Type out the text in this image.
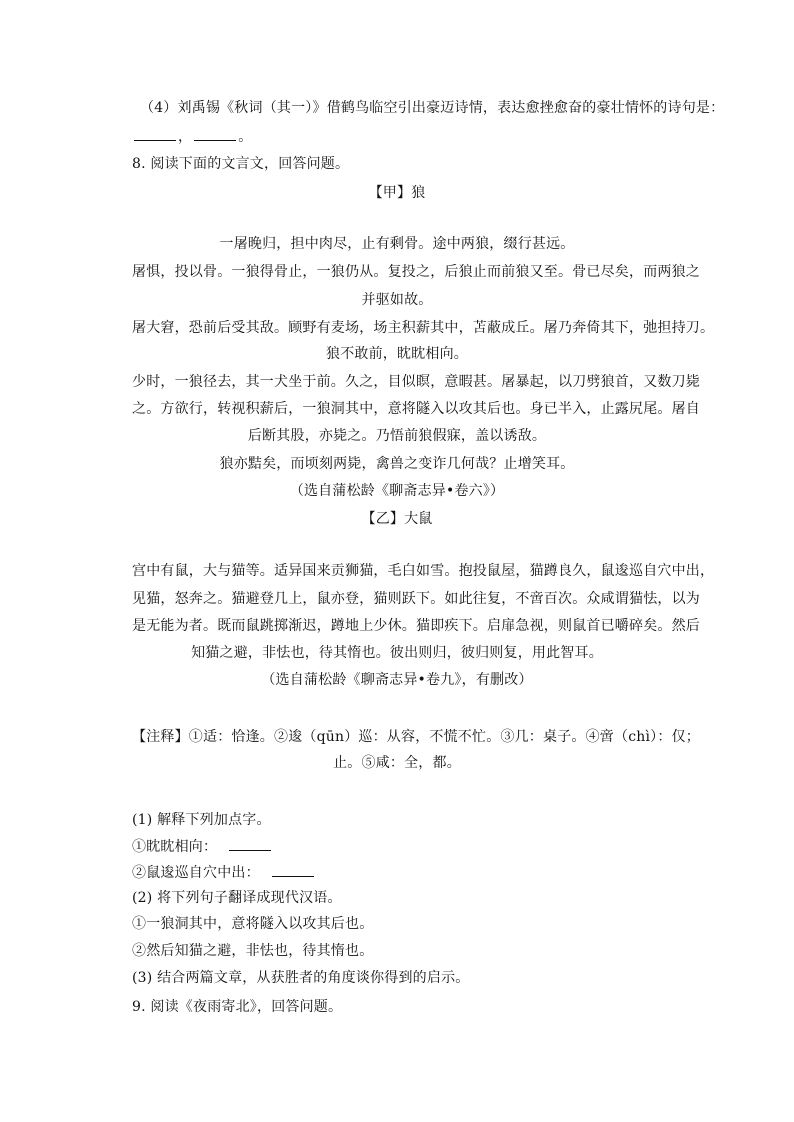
（4）刘禹锡《秋词（其一）》借鹤鸟临空引出豪迈诗情，表达愈挫愈奋的豪壮情怀的诗句是：
，	。
8. 阅读下面的文言文，回答问题。
【甲】狼
一屠晚归，担中肉尽，止有剩骨。途中两狼，缀行甚远。
屠惧，投以骨。一狼得骨止，一狼仍从。复投之，后狼止而前狼又至。骨已尽矣，而两狼之
并驱如故。
屠大窘，恐前后受其敌。顾野有麦场，场主积薪其中，苫蔽成丘。屠乃奔倚其下，弛担持刀。
狼不敢前，眈眈相向。
少时，一狼径去，其一犬坐于前。久之，目似瞑，意暇甚。屠暴起，以刀劈狼首，又数刀毙
之。方欲行，转视积薪后，一狼洞其中，意将隧入以攻其后也。身已半入，止露尻尾。屠自
后断其股，亦毙之。乃悟前狼假寐，盖以诱敌。
狼亦黠矣，而顷刻两毙，禽兽之变诈几何哉？止增笑耳。
（选自蒲松龄《聊斋志异•卷六》）
【乙】大鼠
宫中有鼠，大与猫等。适异国来贡狮猫，毛白如雪。抱投鼠屋，猫蹲良久，鼠逡巡自穴中出，
见猫，怒奔之。猫避登几上，鼠亦登，猫则跃下。如此往复，不啻百次。众咸谓猫怯，以为
是无能为者。既而鼠跳掷渐迟，蹲地上少休。猫即疾下。启扉急视，则鼠首已嚼碎矣。然后
知猫之避，非怯也，待其惰也。彼出则归，彼归则复，用此智耳。
（选自蒲松龄《聊斋志异•卷九》，有删改）
【注释】①适：恰逢。②逡（qūn）巡：从容，不慌不忙。③几：桌子。④啻（chì）：仅；
止。⑤咸：全，都。
(1) 解释下列加点字。
①眈眈相向：
②鼠逡巡自穴中出：
(2) 将下列句子翻译成现代汉语。
①一狼洞其中，意将隧入以攻其后也。
②然后知猫之避，非怯也，待其惰也。
(3) 结合两篇文章，从获胜者的角度谈你得到的启示。
9. 阅读《夜雨寄北》，回答问题。
